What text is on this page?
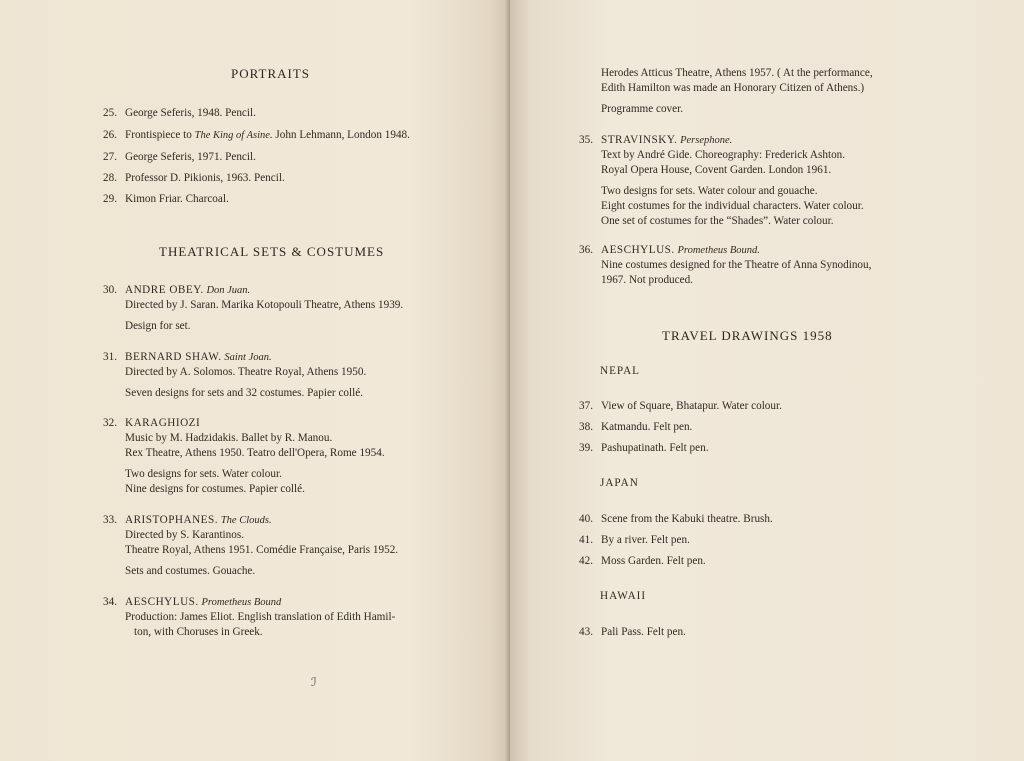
PORTRAITS
25. George Seferis, 1948. Pencil.
26. Frontispiece to The King of Asine. John Lehmann, London 1948.
27. George Seferis, 1971. Pencil.
28. Professor D. Pikionis, 1963. Pencil.
29. Kimon Friar. Charcoal.
THEATRICAL SETS & COSTUMES
30. ANDRE OBEY. Don Juan.
Directed by J. Saran. Marika Kotopouli Theatre, Athens 1939.
Design for set.
31. BERNARD SHAW. Saint Joan.
Directed by A. Solomos. Theatre Royal, Athens 1950.
Seven designs for sets and 32 costumes. Papier collé.
32. KARAGHIOZI
Music by M. Hadzidakis. Ballet by R. Manou.
Rex Theatre, Athens 1950. Teatro dell'Opera, Rome 1954.
Two designs for sets. Water colour.
Nine designs for costumes. Papier collé.
33. ARISTOPHANES. The Clouds.
Directed by S. Karantinos.
Theatre Royal, Athens 1951. Comédie Française, Paris 1952.
Sets and costumes. Gouache.
34. AESCHYLUS. Prometheus Bound
Production: James Eliot. English translation of Edith Hamil-
ton, with Choruses in Greek.
ℐ
Herodes Atticus Theatre, Athens 1957. ( At the performance,
Edith Hamilton was made an Honorary Citizen of Athens.)
Programme cover.
35. STRAVINSKY. Persephone.
Text by André Gide. Choreography: Frederick Ashton.
Royal Opera House, Covent Garden. London 1961.
Two designs for sets. Water colour and gouache.
Eight costumes for the individual characters. Water colour.
One set of costumes for the “Shades”. Water colour.
36. AESCHYLUS. Prometheus Bound.
Nine costumes designed for the Theatre of Anna Synodinou,
1967. Not produced.
TRAVEL DRAWINGS 1958
NEPAL
37. View of Square, Bhatapur. Water colour.
38. Katmandu. Felt pen.
39. Pashupatinath. Felt pen.
JAPAN
40. Scene from the Kabuki theatre. Brush.
41. By a river. Felt pen.
42. Moss Garden. Felt pen.
HAWAII
43. Pali Pass. Felt pen.
